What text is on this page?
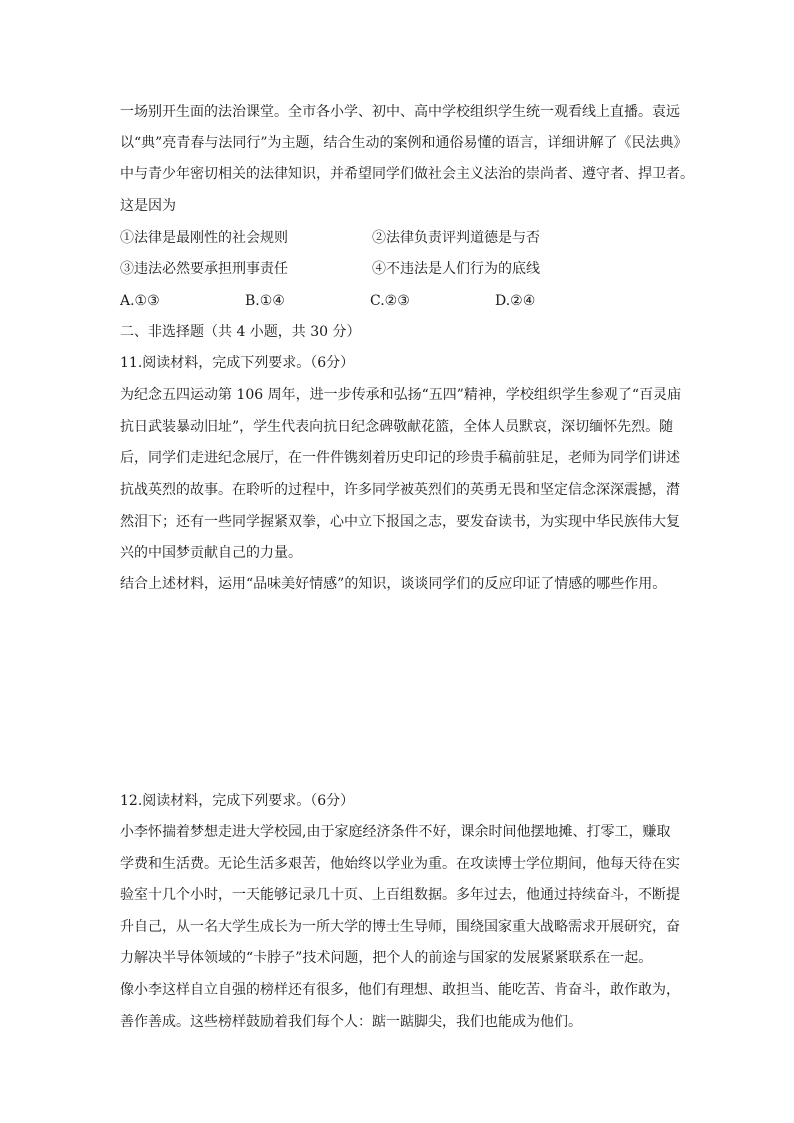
一场别开生面的法治课堂。全市各小学、初中、高中学校组织学生统一观看线上直播。袁远
以“典”亮青春与法同行”为主题，结合生动的案例和通俗易懂的语言，详细讲解了《民法典》
中与青少年密切相关的法律知识，并希望同学们做社会主义法治的崇尚者、遵守者、捍卫者。
这是因为
①法律是最刚性的社会规则	②法律负责评判道德是与否
③违法必然要承担刑事责任	④不违法是人们行为的底线
A.①③	B.①④	C.②③	D.②④
二、非选择题（共 4 小题，共 30 分）
11.阅读材料，完成下列要求。（6分）
为纪念五四运动第 106 周年，进一步传承和弘扬“五四”精神，学校组织学生参观了“百灵庙
抗日武装暴动旧址”，学生代表向抗日纪念碑敬献花篮，全体人员默哀，深切缅怀先烈。随
后，同学们走进纪念展厅，在一件件镌刻着历史印记的珍贵手稿前驻足，老师为同学们讲述
抗战英烈的故事。在聆听的过程中，许多同学被英烈们的英勇无畏和坚定信念深深震撼，潸
然泪下；还有一些同学握紧双拳，心中立下报国之志，要发奋读书，为实现中华民族伟大复
兴的中国梦贡献自己的力量。
结合上述材料，运用“品味美好情感”的知识，谈谈同学们的反应印证了情感的哪些作用。
12.阅读材料，完成下列要求。（6分）
小李怀揣着梦想走进大学校园,由于家庭经济条件不好，课余时间他摆地摊、打零工，赚取
学费和生活费。无论生活多艰苦，他始终以学业为重。在攻读博士学位期间，他每天待在实
验室十几个小时，一天能够记录几十页、上百组数据。多年过去，他通过持续奋斗，不断提
升自己，从一名大学生成长为一所大学的博士生导师，围绕国家重大战略需求开展研究，奋
力解决半导体领域的“卡脖子”技术问题，把个人的前途与国家的发展紧紧联系在一起。
像小李这样自立自强的榜样还有很多，他们有理想、敢担当、能吃苦、肯奋斗，敢作敢为，
善作善成。这些榜样鼓励着我们每个人：踮一踮脚尖，我们也能成为他们。
